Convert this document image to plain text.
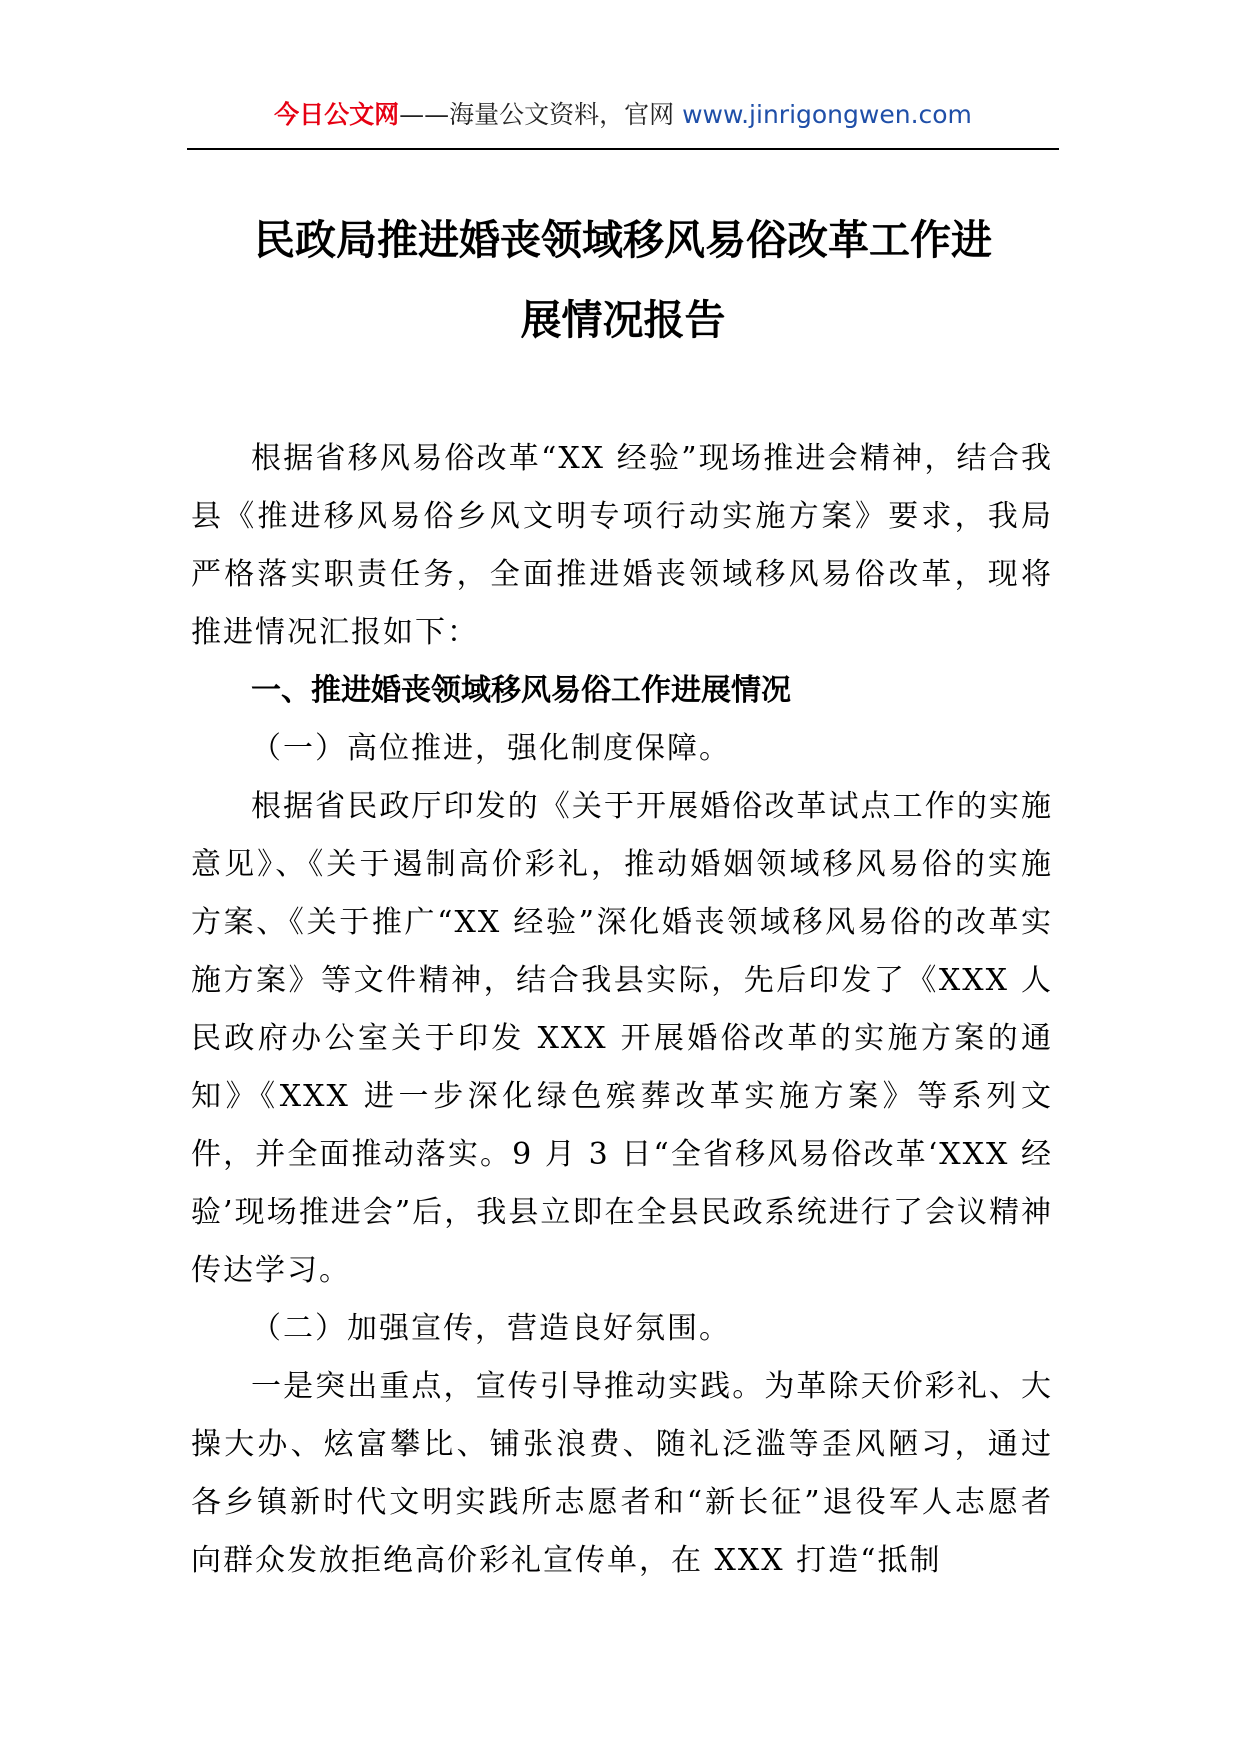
今日公文网——海量公文资料，官网 www.jinrigongwen.com
民政局推进婚丧领域移风易俗改革工作进
展情况报告

根据省移风易俗改革“XX 经验”现场推进会精神，结合我县《推进移风易俗乡风文明专项行动实施方案》要求，我局严格落实职责任务，全面推进婚丧领域移风易俗改革，现将推进情况汇报如下：

一、推进婚丧领域移风易俗工作进展情况

（一）高位推进，强化制度保障。

根据省民政厅印发的《关于开展婚俗改革试点工作的实施意见》、《关于遏制高价彩礼，推动婚姻领域移风易俗的实施方案、《关于推广“XX 经验”深化婚丧领域移风易俗的改革实施方案》等文件精神，结合我县实际，先后印发了《XXX 人民政府办公室关于印发 XXX 开展婚俗改革的实施方案的通知》《XXX 进一步深化绿色殡葬改革实施方案》等系列文件，并全面推动落实。9 月 3 日“全省移风易俗改革‘XXX 经验’现场推进会”后，我县立即在全县民政系统进行了会议精神传达学习。

（二）加强宣传，营造良好氛围。

一是突出重点，宣传引导推动实践。为革除天价彩礼、大操大办、炫富攀比、铺张浪费、随礼泛滥等歪风陋习，通过各乡镇新时代文明实践所志愿者和“新长征”退役军人志愿者向群众发放拒绝高价彩礼宣传单，在 XXX 打造“抵制
